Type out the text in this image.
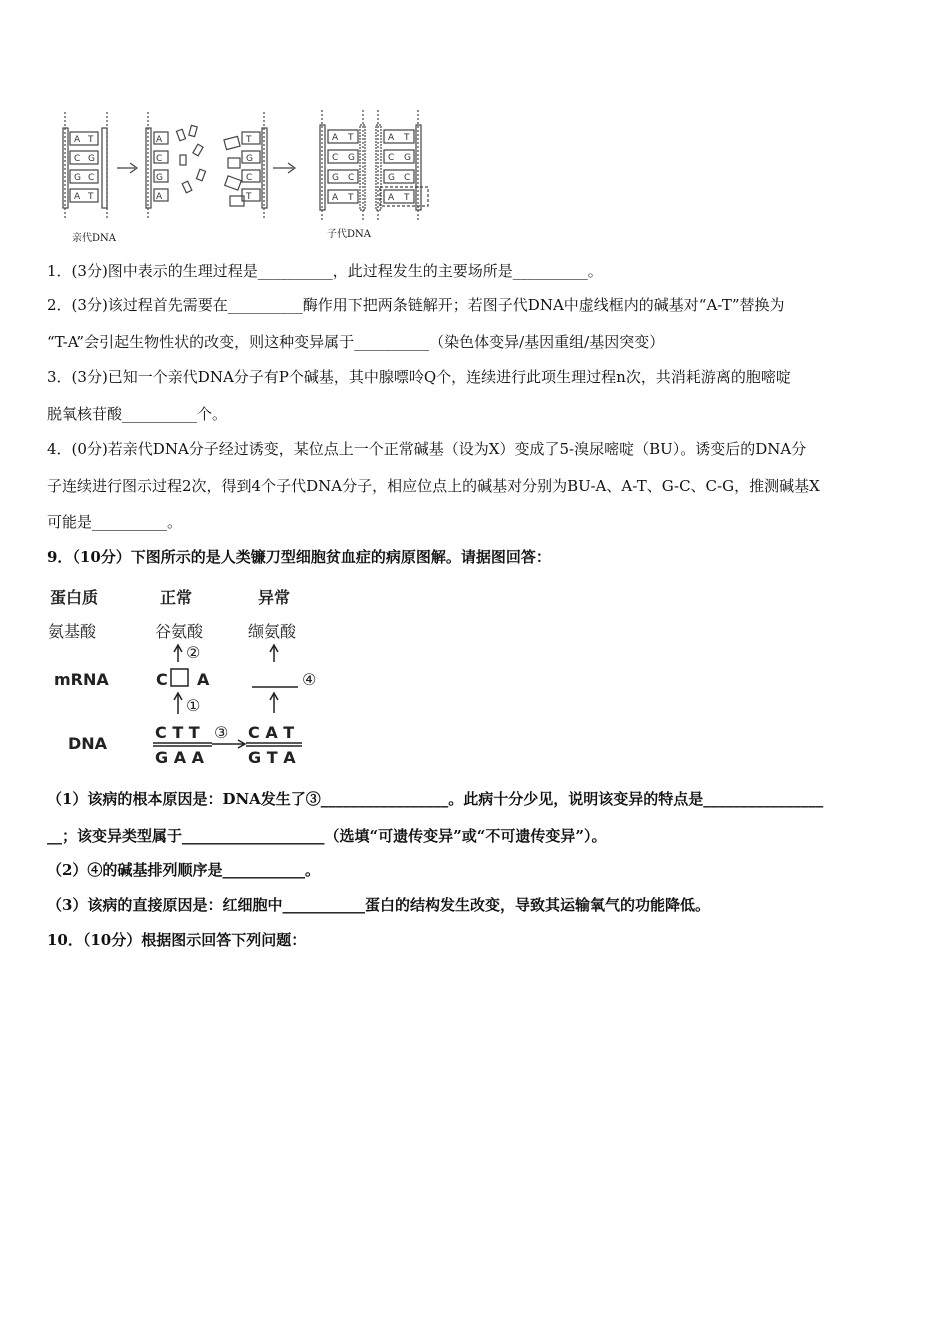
A T
C G
G C
A T
A
C
G
A
T
G
C
T
A T
C G
G C
A T
A T
C G
G C
A T
亲代DNA	子代DNA
1．(3分)图中表示的生理过程是__________，此过程发生的主要场所是__________。
2．(3分)该过程首先需要在__________酶作用下把两条链解开；若图子代DNA中虚线框内的碱基对“A-T”替换为
“T-A”会引起生物性状的改变，则这种变异属于__________（染色体变异/基因重组/基因突变）
3．(3分)已知一个亲代DNA分子有P个碱基，其中腺嘌呤Q个，连续进行此项生理过程n次，共消耗游离的胞嘧啶
脱氧核苷酸__________个。
4．(0分)若亲代DNA分子经过诱变，某位点上一个正常碱基（设为X）变成了5-溴尿嘧啶（BU）。诱变后的DNA分
子连续进行图示过程2次，得到4个子代DNA分子，相应位点上的碱基对分别为BU-A、A-T、G-C、C-G，推测碱基X
可能是__________。
9．（10分）下图所示的是人类镰刀型细胞贫血症的病原图解。请据图回答：
蛋白质	正常	异常
氨基酸	谷氨酸	缬氨酸
mRNA	C A
DNA
C T T
G A A
C A T
G T A
②
①
③
④
（1）该病的根本原因是：DNA发生了③_________________。此病十分少见，说明该变异的特点是________________
__；该变异类型属于___________________（选填“可遗传变异”或“不可遗传变异”）。
（2）④的碱基排列顺序是___________。
（3）该病的直接原因是：红细胞中___________蛋白的结构发生改变，导致其运输氧气的功能降低。
10．（10分）根据图示回答下列问题：
